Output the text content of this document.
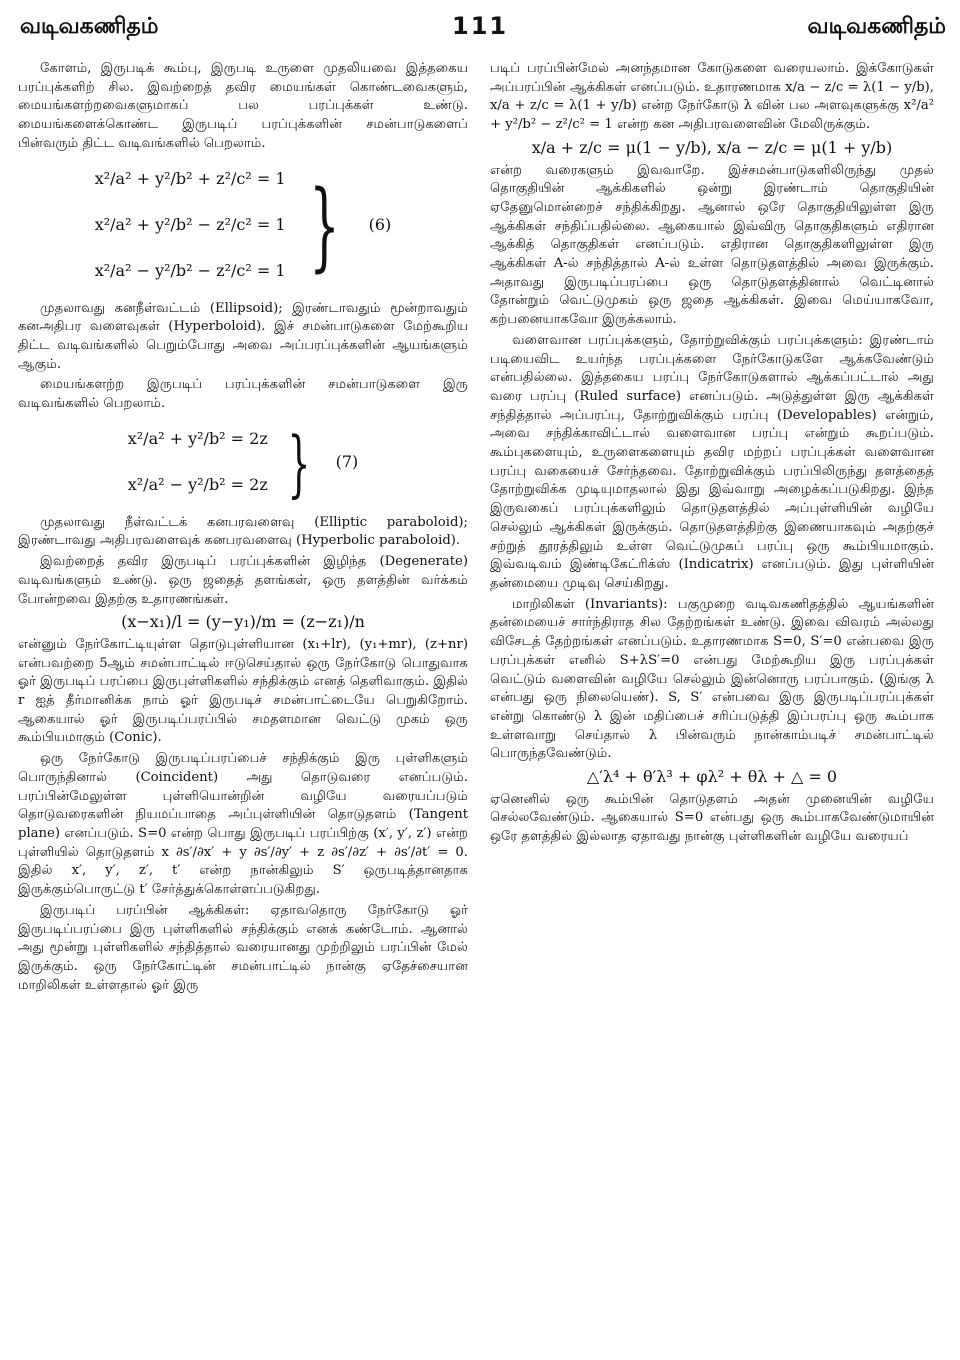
வடிவகணிதம்	111	வடிவகணிதம்

கோளம், இருபடிக் கூம்பு, இருபடி உருளை முதலியவை இத்தகைய பரப்புக்களிற் சில. இவற்றைத் தவிர மையங்கள் கொண்டவைகளும், மையங்களற்றவைகளுமாகப் பல பரப்புக்கள் உண்டு. மையங்களைக்கொண்ட இருபடிப் பரப்புக்களின் சமன்பாடுகளைப் பின்வரும் திட்ட வடிவங்களில் பெறலாம்.

x²/a² + y²/b² + z²/c² = 1
x²/a² + y²/b² − z²/c² = 1
x²/a² − y²/b² − z²/c² = 1 } (6)

முதலாவது கனநீள்வட்டம் (Ellipsoid); இரண்டாவதும் மூன்றாவதும் கனஅதிபர வளைவுகள் (Hyperboloid). இச் சமன்பாடுகளை மேற்கூறிய திட்ட வடிவங்களில் பெறும்போது அவை அப்பரப்புக்களின் ஆயங்களும் ஆகும்.

மையங்களற்ற இருபடிப் பரப்புக்களின் சமன்பாடுகளை இரு வடிவங்களில் பெறலாம்.

x²/a² + y²/b² = 2z
x²/a² − y²/b² = 2z } (7)

முதலாவது நீள்வட்டக் கனபரவளைவு (Elliptic paraboloid); இரண்டாவது அதிபரவளைவுக் கனபரவளைவு (Hyperbolic paraboloid).

இவற்றைத் தவிர இருபடிப் பரப்புக்களின் இழிந்த (Degenerate) வடிவங்களும் உண்டு. ஒரு ஜதைத் தளங்கள், ஒரு தளத்தின் வர்க்கம் போன்றவை இதற்கு உதாரணங்கள்.

(x−x₁)/l = (y−y₁)/m = (z−z₁)/n

என்னும் நேர்கோட்டியுள்ள தொடுபுள்ளியான (x₁+lr), (y₁+mr), (z+nr) என்பவற்றை 5ஆம் சமன்பாட்டில் ஈடுசெய்தால் ஒரு நேர்கோடு பொதுவாக ஓர் இருபடிப் பரப்பை இருபுள்ளிகளில் சந்திக்கும் எனத் தெளிவாகும். இதில் r ஐத் தீர்மானிக்க நாம் ஓர் இருபடிச் சமன்பாட்டையே பெறுகிறோம். ஆகையால் ஓர் இருபடிப்பரப்பில் சமதளமான வெட்டு முகம் ஒரு கூம்பியமாகும் (Conic).

ஒரு நேர்கோடு இருபடிப்பரப்பைச் சந்திக்கும் இரு புள்ளிகளும் பொருந்தினால் (Coincident) அது தொடுவரை எனப்படும். பரப்பின்மேலுள்ள புள்ளியொன்றின் வழியே வரையப்படும் தொடுவரைகளின் நியமப்பாதை அப்புள்ளியின் தொடுதளம் (Tangent plane) எனப்படும். S=0 என்ற பொது இருபடிப் பரப்பிற்கு (x′, y′, z′) என்ற புள்ளியில் தொடுதளம் x ∂s′/∂x′ + y ∂s′/∂y′ + z ∂s′/∂z′ + ∂s′/∂t′ = 0. இதில் x′, y′, z′, t′ என்ற நான்கிலும் S′ ஒருபடித்தானதாக இருக்கும்பொருட்டு t′ சேர்த்துக்கொள்ளப்படுகிறது.

இருபடிப் பரப்பின் ஆக்கிகள்: ஏதாவதொரு நேர்கோடு ஓர் இருபடிப்பரப்பை இரு புள்ளிகளில் சந்திக்கும் எனக் கண்டோம். ஆனால் அது மூன்று புள்ளிகளில் சந்தித்தால் வரையானது முற்றிலும் பரப்பின் மேல் இருக்கும். ஒரு நேர்கோட்டின் சமன்பாட்டில் நான்கு ஏதேச்சையான மாறிலிகள் உள்ளதால் ஓர் இரு

படிப் பரப்பின்மேல் அனந்தமான கோடுகளை வரையலாம். இக்கோடுகள் அப்பரப்பின் ஆக்கிகள் எனப்படும். உதாரணமாக x/a − z/c = λ(1 − y/b), x/a + z/c = λ(1 + y/b) என்ற நேர்கோடு λ வின் பல அளவுகளுக்கு x²/a² + y²/b² − z²/c² = 1 என்ற கன அதிபரவளைவின் மேலிருக்கும்.

x/a + z/c = μ(1 − y/b), x/a − z/c = μ(1 + y/b)

என்ற வரைகளும் இவவாறே. இச்சமன்பாடுகளிலிருந்து முதல் தொகுதியின் ஆக்கிகளில் ஒன்று இரண்டாம் தொகுதியின் ஏதேனுமொன்றைச் சந்திக்கிறது. ஆனால் ஒரே தொகுதியிலுள்ள இரு ஆக்கிகள் சந்திப்பதில்லை. ஆகையால் இவ்விரு தொகுதிகளும் எதிரான ஆக்கித் தொகுதிகள் எனப்படும். எதிரான தொகுதிகளிலுள்ள இரு ஆக்கிகள் A-ல் சந்தித்தால் A-ல் உள்ள தொடுதளத்தில் அவை இருக்கும். அதாவது இருபடிப்பரப்பை ஒரு தொடுதளத்தினால் வெட்டினால் தோன்றும் வெட்டுமுகம் ஒரு ஜதை ஆக்கிகள். இவை மெய்யாகவோ, கற்பனையாகவோ இருக்கலாம்.

வளைவான பரப்புக்களும், தோற்றுவிக்கும் பரப்புக்களும்: இரண்டாம் படியைவிட உயர்ந்த பரப்புக்களை நேர்கோடுகளே ஆக்கவேண்டும் என்பதில்லை. இத்தகைய பரப்பு நேர்கோடுகளால் ஆக்கப்பட்டால் அது வரை பரப்பு (Ruled surface) எனப்படும். அடுத்துள்ள இரு ஆக்கிகள் சந்தித்தால் அப்பரப்பு, தோற்றுவிக்கும் பரப்பு (Developables) என்றும், அவை சந்திக்காவிட்டால் வளைவான பரப்பு என்றும் கூறப்படும். கூம்புகளையும், உருளைகளையும் தவிர மற்றப் பரப்புக்கள் வளைவான பரப்பு வகையைச் சேர்ந்தவை. தோற்றுவிக்கும் பரப்பிலிருந்து தளத்தைத் தோற்றுவிக்க முடியுமாதலால் இது இவ்வாறு அழைக்கப்படுகிறது. இந்த இருவகைப் பரப்புக்களிலும் தொடுதளத்தில் அப்புள்ளியின் வழியே செல்லும் ஆக்கிகள் இருக்கும். தொடுதளத்திற்கு இணையாகவும் அதற்குச் சற்றுத் தூரத்திலும் உள்ள வெட்டுமுகப் பரப்பு ஒரு கூம்பியமாகும். இவ்வடிவம் இண்டிகேட்ரிக்ஸ் (Indicatrix) எனப்படும். இது புள்ளியின் தன்மையை முடிவு செய்கிறது.

மாறிலிகள் (Invariants): பகுமுறை வடிவகணிதத்தில் ஆயங்களின் தன்மையைச் சார்ந்திராத சில தேற்றங்கள் உண்டு. இவை விவரம் அல்லது விசேடத் தேற்றங்கள் எனப்படும். உதாரணமாக S=0, S′=0 என்பவை இரு பரப்புக்கள் எனில் S+λS′=0 என்பது மேற்கூறிய இரு பரப்புக்கள் வெட்டும் வளைவின் வழியே செல்லும் இன்னொரு பரப்பாகும். (இங்கு λ என்பது ஒரு நிலையெண்). S, S′ என்பவை இரு இருபடிப்பரப்புக்கள் என்று கொண்டு λ இன் மதிப்பைச் சரிப்படுத்தி இப்பரப்பு ஒரு கூம்பாக உள்ளவாறு செய்தால் λ பின்வரும் நான்காம்படிச் சமன்பாட்டில் பொருந்தவேண்டும்.

△′λ⁴ + θ′λ³ + φλ² + θλ + △ = 0

ஏனெனில் ஒரு கூம்பின் தொடுதளம் அதன் முனையின் வழியே செல்லவேண்டும். ஆகையால் S=0 என்பது ஒரு கூம்பாகவேண்டுமாயின் ஒரே தளத்தில் இல்லாத ஏதாவது நான்கு புள்ளிகளின் வழியே வரையப்
